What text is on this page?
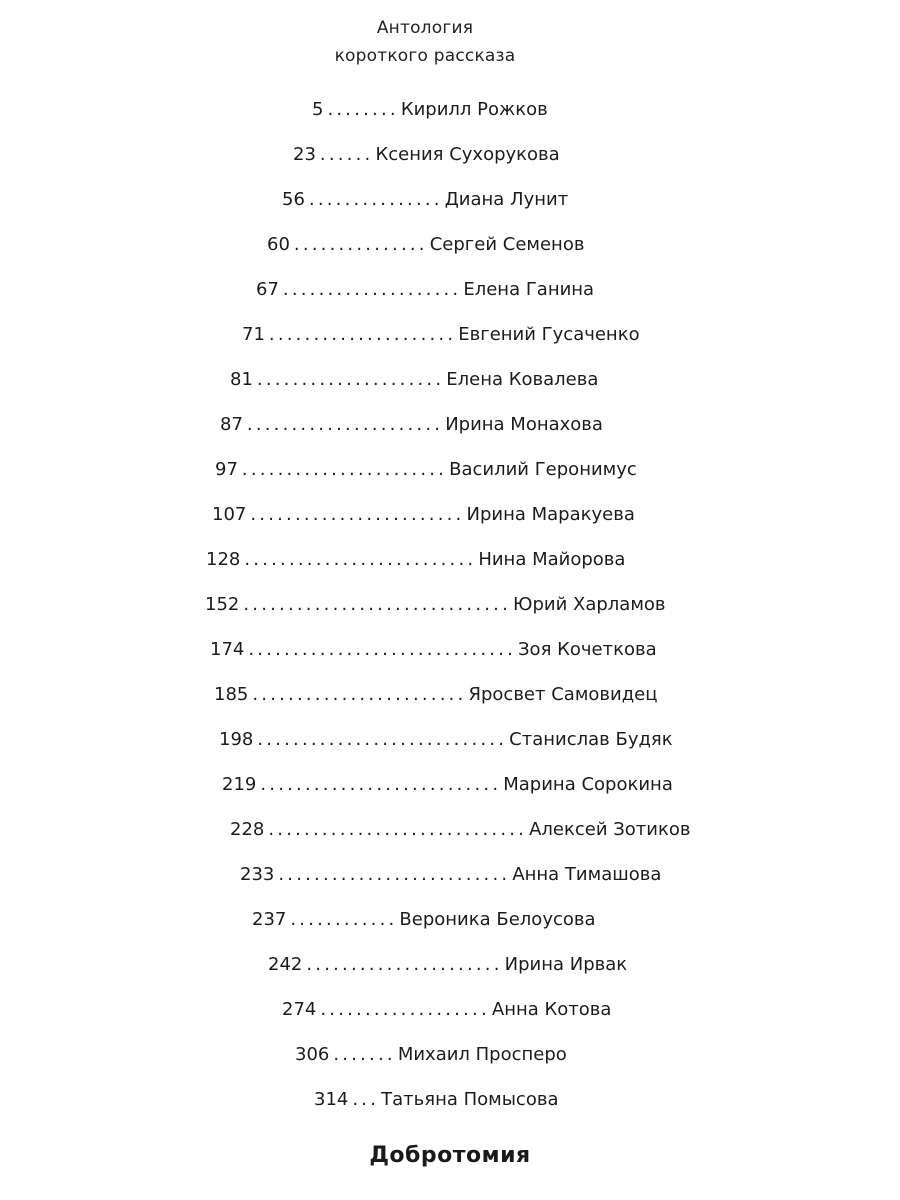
Антология
короткого рассказа
5 ........ Кирилл Рожков
23 ...... Ксения Сухорукова
56 ............... Диана Лунит
60 ............... Сергей Семенов
67 .................... Елена Ганина
71 ..................... Евгений Гусаченко
81 ..................... Елена Ковалева
87 ...................... Ирина Монахова
97 ....................... Василий Геронимус
107 ........................ Ирина Маракуева
128 .......................... Нина Майорова
152 .............................. Юрий Харламов
174 .............................. Зоя Кочеткова
185 ........................ Яросвет Самовидец
198 ............................ Станислав Будяк
219 ........................... Марина Сорокина
228 ............................. Алексей Зотиков
233 .......................... Анна Тимашова
237 ............ Вероника Белоусова
242 ...................... Ирина Ирвак
274 ................... Анна Котова
306 ....... Михаил Просперо
314 ... Татьяна Помысова
Добротомия
